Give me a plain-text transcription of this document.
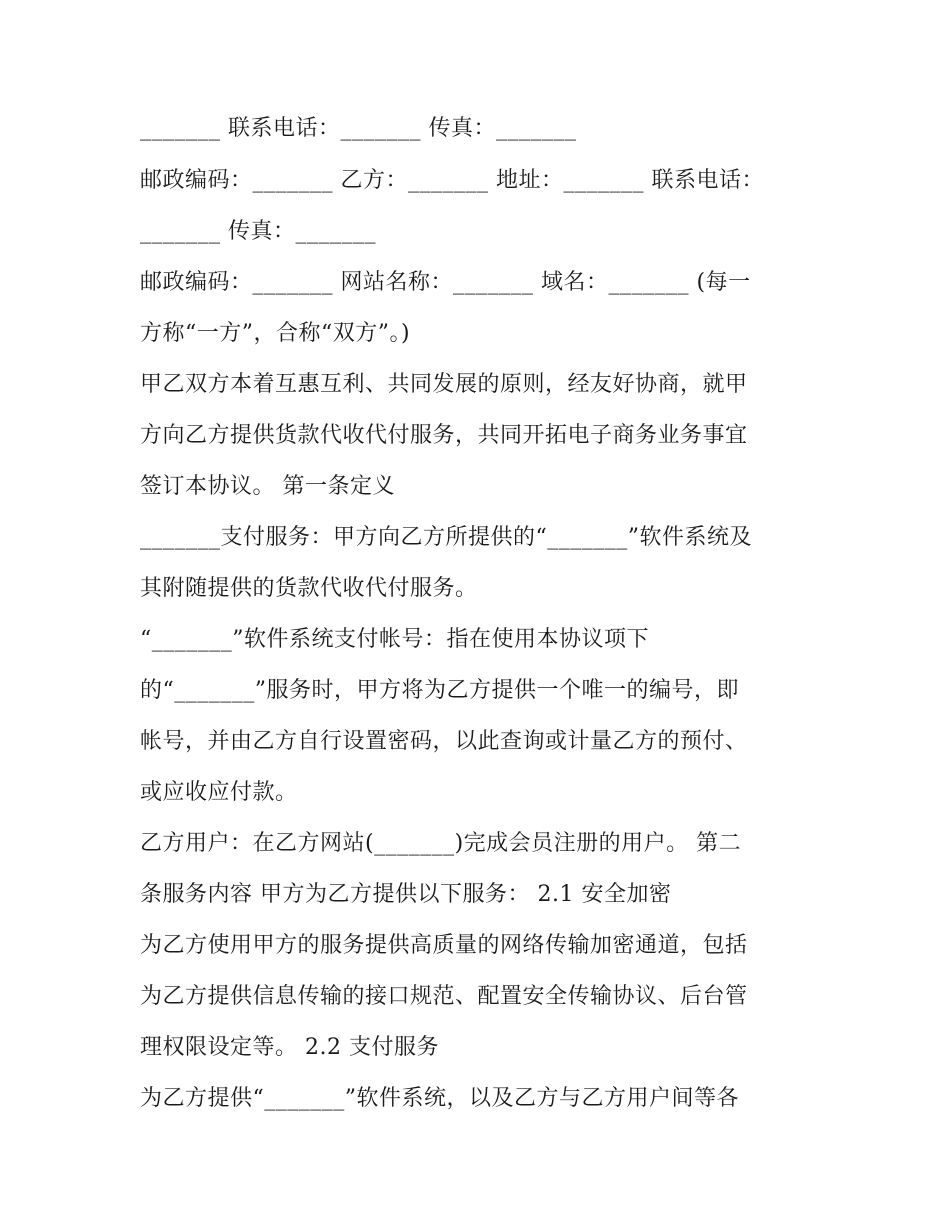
_______ 联系电话：_______ 传真：_______
邮政编码：_______ 乙方：_______ 地址：_______ 联系电话：
_______ 传真：_______
邮政编码：_______ 网站名称：_______ 域名：_______ (每一
方称“一方”，合称“双方”。)
甲乙双方本着互惠互利、共同发展的原则，经友好协商，就甲
方向乙方提供货款代收代付服务，共同开拓电子商务业务事宜
签订本协议。 第一条定义
_______支付服务：甲方向乙方所提供的“_______”软件系统及
其附随提供的货款代收代付服务。
“_______”软件系统支付帐号：指在使用本协议项下
的“_______”服务时，甲方将为乙方提供一个唯一的编号，即
帐号，并由乙方自行设置密码，以此查询或计量乙方的预付、
或应收应付款。
乙方用户：在乙方网站(_______)完成会员注册的用户。 第二
条服务内容 甲方为乙方提供以下服务： 2.1 安全加密
为乙方使用甲方的服务提供高质量的网络传输加密通道，包括
为乙方提供信息传输的接口规范、配置安全传输协议、后台管
理权限设定等。 2.2 支付服务
为乙方提供“_______”软件系统，以及乙方与乙方用户间等各
